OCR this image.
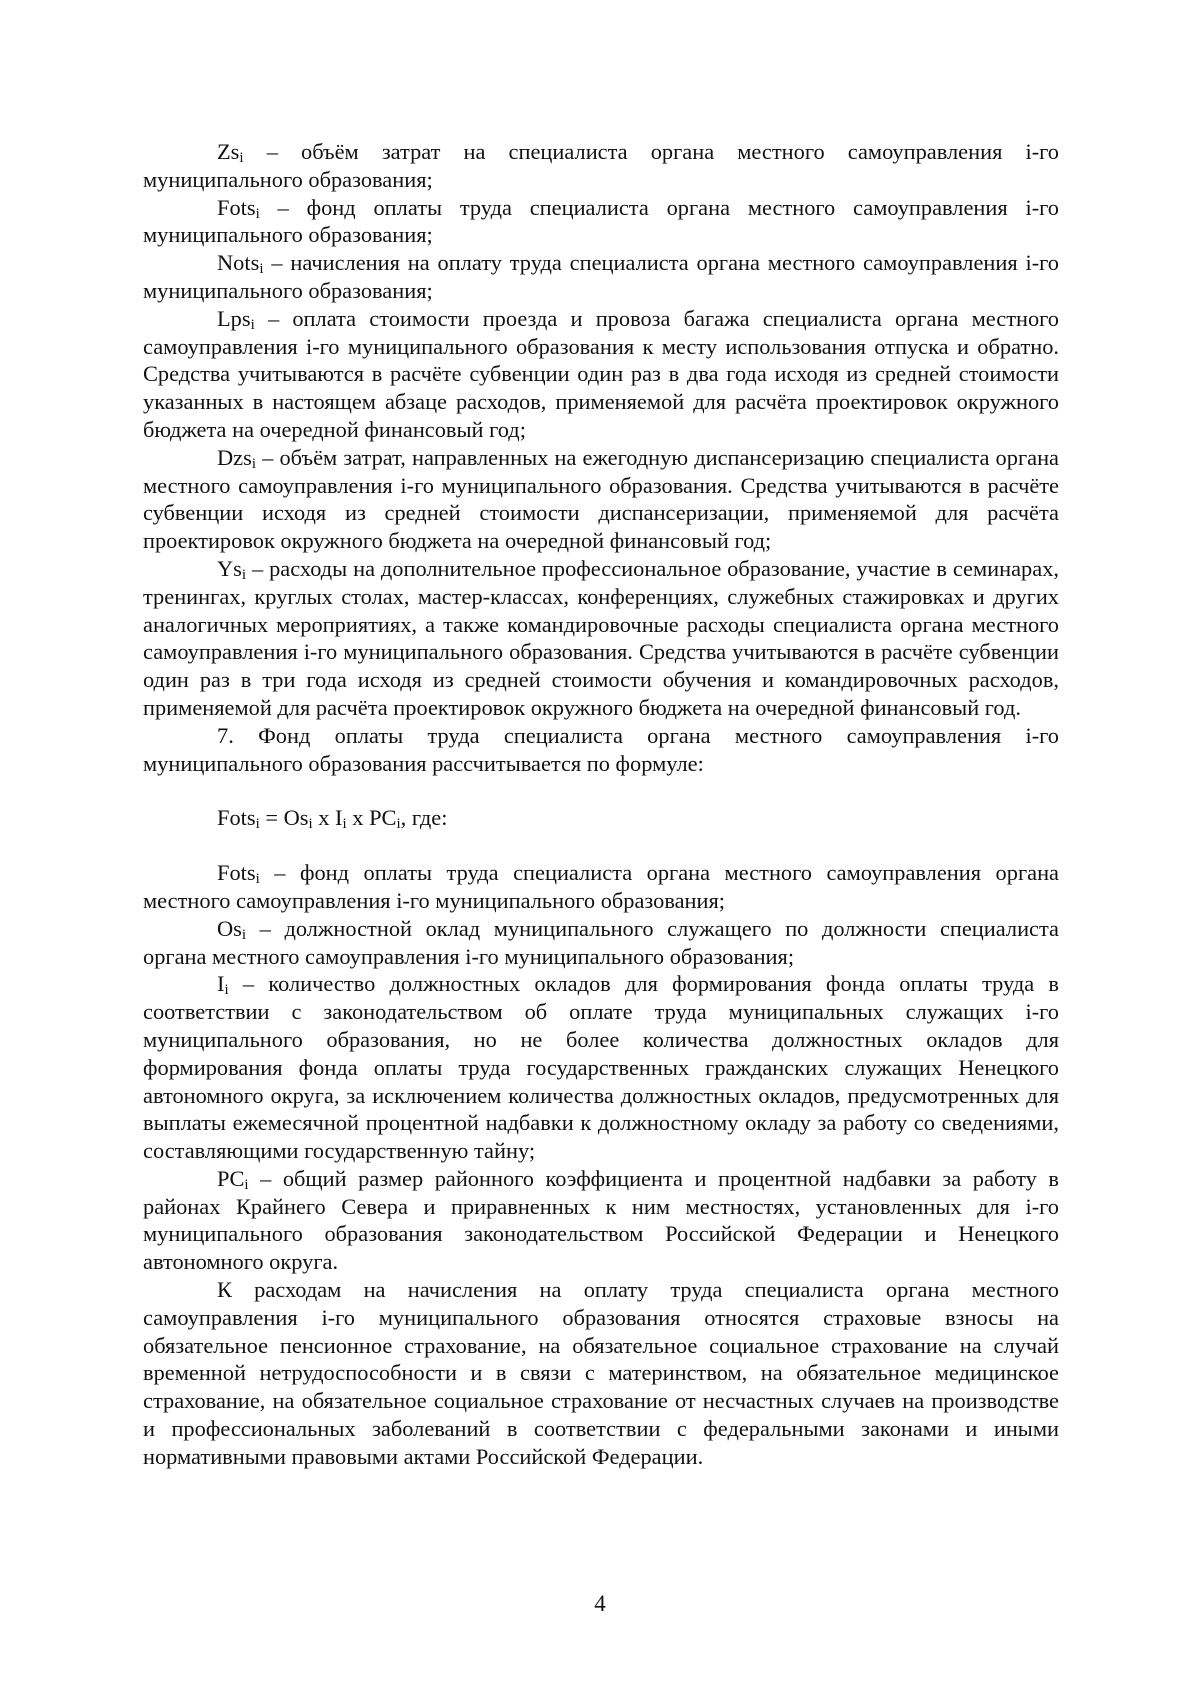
$Zs_i$ – объём затрат на специалиста органа местного самоуправления i-го муниципального образования;

Fots$_i$ – фонд оплаты труда специалиста органа местного самоуправления i-го муниципального образования;

Nots$_i$ – начисления на оплату труда специалиста органа местного самоуправления i-го муниципального образования;

Lps$_i$ – оплата стоимости проезда и провоза багажа специалиста органа местного самоуправления i-го муниципального образования к месту использования отпуска и обратно. Средства учитываются в расчёте субвенции один раз в два года исходя из средней стоимости указанных в настоящем абзаце расходов, применяемой для расчёта проектировок окружного бюджета на очередной финансовый год;

Dzs$_i$ – объём затрат, направленных на ежегодную диспансеризацию специалиста органа местного самоуправления i-го муниципального образования. Средства учитываются в расчёте субвенции исходя из средней стоимости диспансеризации, применяемой для расчёта проектировок окружного бюджета на очередной финансовый год;

$Ys_i$ – расходы на дополнительное профессиональное образование, участие в семинарах, тренингах, круглых столах, мастер-классах, конференциях, служебных стажировках и других аналогичных мероприятиях, а также командировочные расходы специалиста органа местного самоуправления i-го муниципального образования. Средства учитываются в расчёте субвенции один раз в три года исходя из средней стоимости обучения и командировочных расходов, применяемой для расчёта проектировок окружного бюджета на очередной финансовый год.

7. Фонд оплаты труда специалиста органа местного самоуправления i-го муниципального образования рассчитывается по формуле:

Fots$_i$ = $Os_i$ x $I_i$ x $PC_i$, где:

Fots$_i$ – фонд оплаты труда специалиста органа местного самоуправления органа местного самоуправления i-го муниципального образования;

$Os_i$ – должностной оклад муниципального служащего по должности специалиста органа местного самоуправления i-го муниципального образования;

$I_i$ – количество должностных окладов для формирования фонда оплаты труда в соответствии с законодательством об оплате труда муниципальных служащих i-го муниципального образования, но не более количества должностных окладов для формирования фонда оплаты труда государственных гражданских служащих Ненецкого автономного округа, за исключением количества должностных окладов, предусмотренных для выплаты ежемесячной процентной надбавки к должностному окладу за работу со сведениями, составляющими государственную тайну;

$PC_i$ – общий размер районного коэффициента и процентной надбавки за работу в районах Крайнего Севера и приравненных к ним местностях, установленных для i-го муниципального образования законодательством Российской Федерации и Ненецкого автономного округа.

К расходам на начисления на оплату труда специалиста органа местного самоуправления i-го муниципального образования относятся страховые взносы на обязательное пенсионное страхование, на обязательное социальное страхование на случай временной нетрудоспособности и в связи с материнством, на обязательное медицинское страхование, на обязательное социальное страхование от несчастных случаев на производстве и профессиональных заболеваний в соответствии с федеральными законами и иными нормативными правовыми актами Российской Федерации.

4
